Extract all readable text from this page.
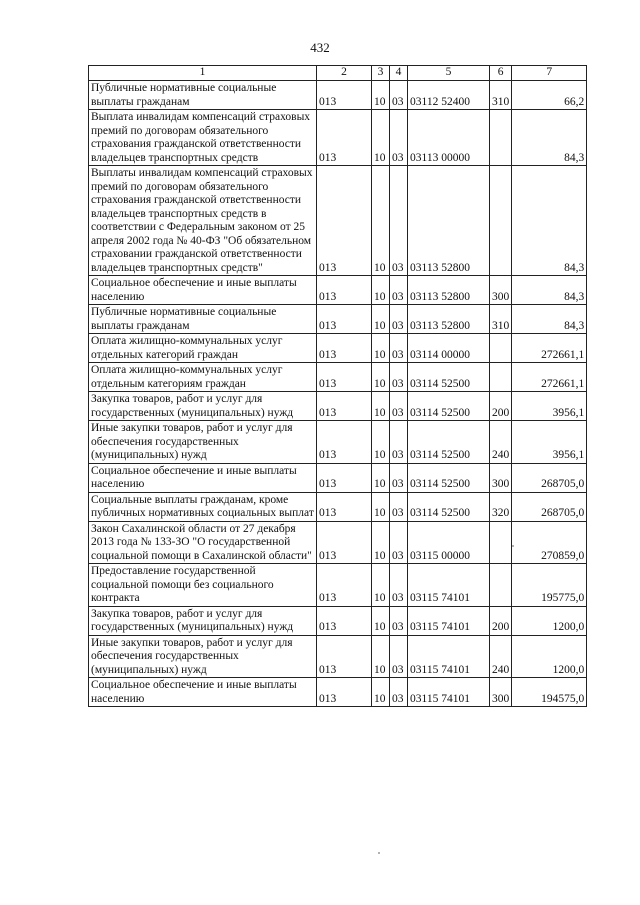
432
1	2	3	4	5	6	7
Публичные нормативные социальные выплаты гражданам	013	10	03	03112 52400	310	66,2
Выплата инвалидам компенсаций страховых премий по договорам обязательного страхования гражданской ответственности владельцев транспортных средств	013	10	03	03113 00000		84,3
Выплаты инвалидам компенсаций страховых премий по договорам обязательного страхования гражданской ответственности владельцев транспортных средств в соответствии с Федеральным законом от 25 апреля 2002 года № 40-ФЗ "Об обязательном страховании гражданской ответственности владельцев транспортных средств"	013	10	03	03113 52800		84,3
Социальное обеспечение и иные выплаты населению	013	10	03	03113 52800	300	84,3
Публичные нормативные социальные выплаты гражданам	013	10	03	03113 52800	310	84,3
Оплата жилищно-коммунальных услуг отдельных категорий граждан	013	10	03	03114 00000		272661,1
Оплата жилищно-коммунальных услуг отдельным категориям граждан	013	10	03	03114 52500		272661,1
Закупка товаров, работ и услуг для государственных (муниципальных) нужд	013	10	03	03114 52500	200	3956,1
Иные закупки товаров, работ и услуг для обеспечения государственных (муниципальных) нужд	013	10	03	03114 52500	240	3956,1
Социальное обеспечение и иные выплаты населению	013	10	03	03114 52500	300	268705,0
Социальные выплаты гражданам, кроме публичных нормативных социальных выплат	013	10	03	03114 52500	320	268705,0
Закон Сахалинской области от 27 декабря 2013 года № 133-ЗО "О государственной социальной помощи в Сахалинской области"	013	10	03	03115 00000		270859,0
Предоставление государственной социальной помощи без социального контракта	013	10	03	03115 74101		195775,0
Закупка товаров, работ и услуг для государственных (муниципальных) нужд	013	10	03	03115 74101	200	1200,0
Иные закупки товаров, работ и услуг для обеспечения государственных (муниципальных) нужд	013	10	03	03115 74101	240	1200,0
Социальное обеспечение и иные выплаты населению	013	10	03	03115 74101	300	194575,0
